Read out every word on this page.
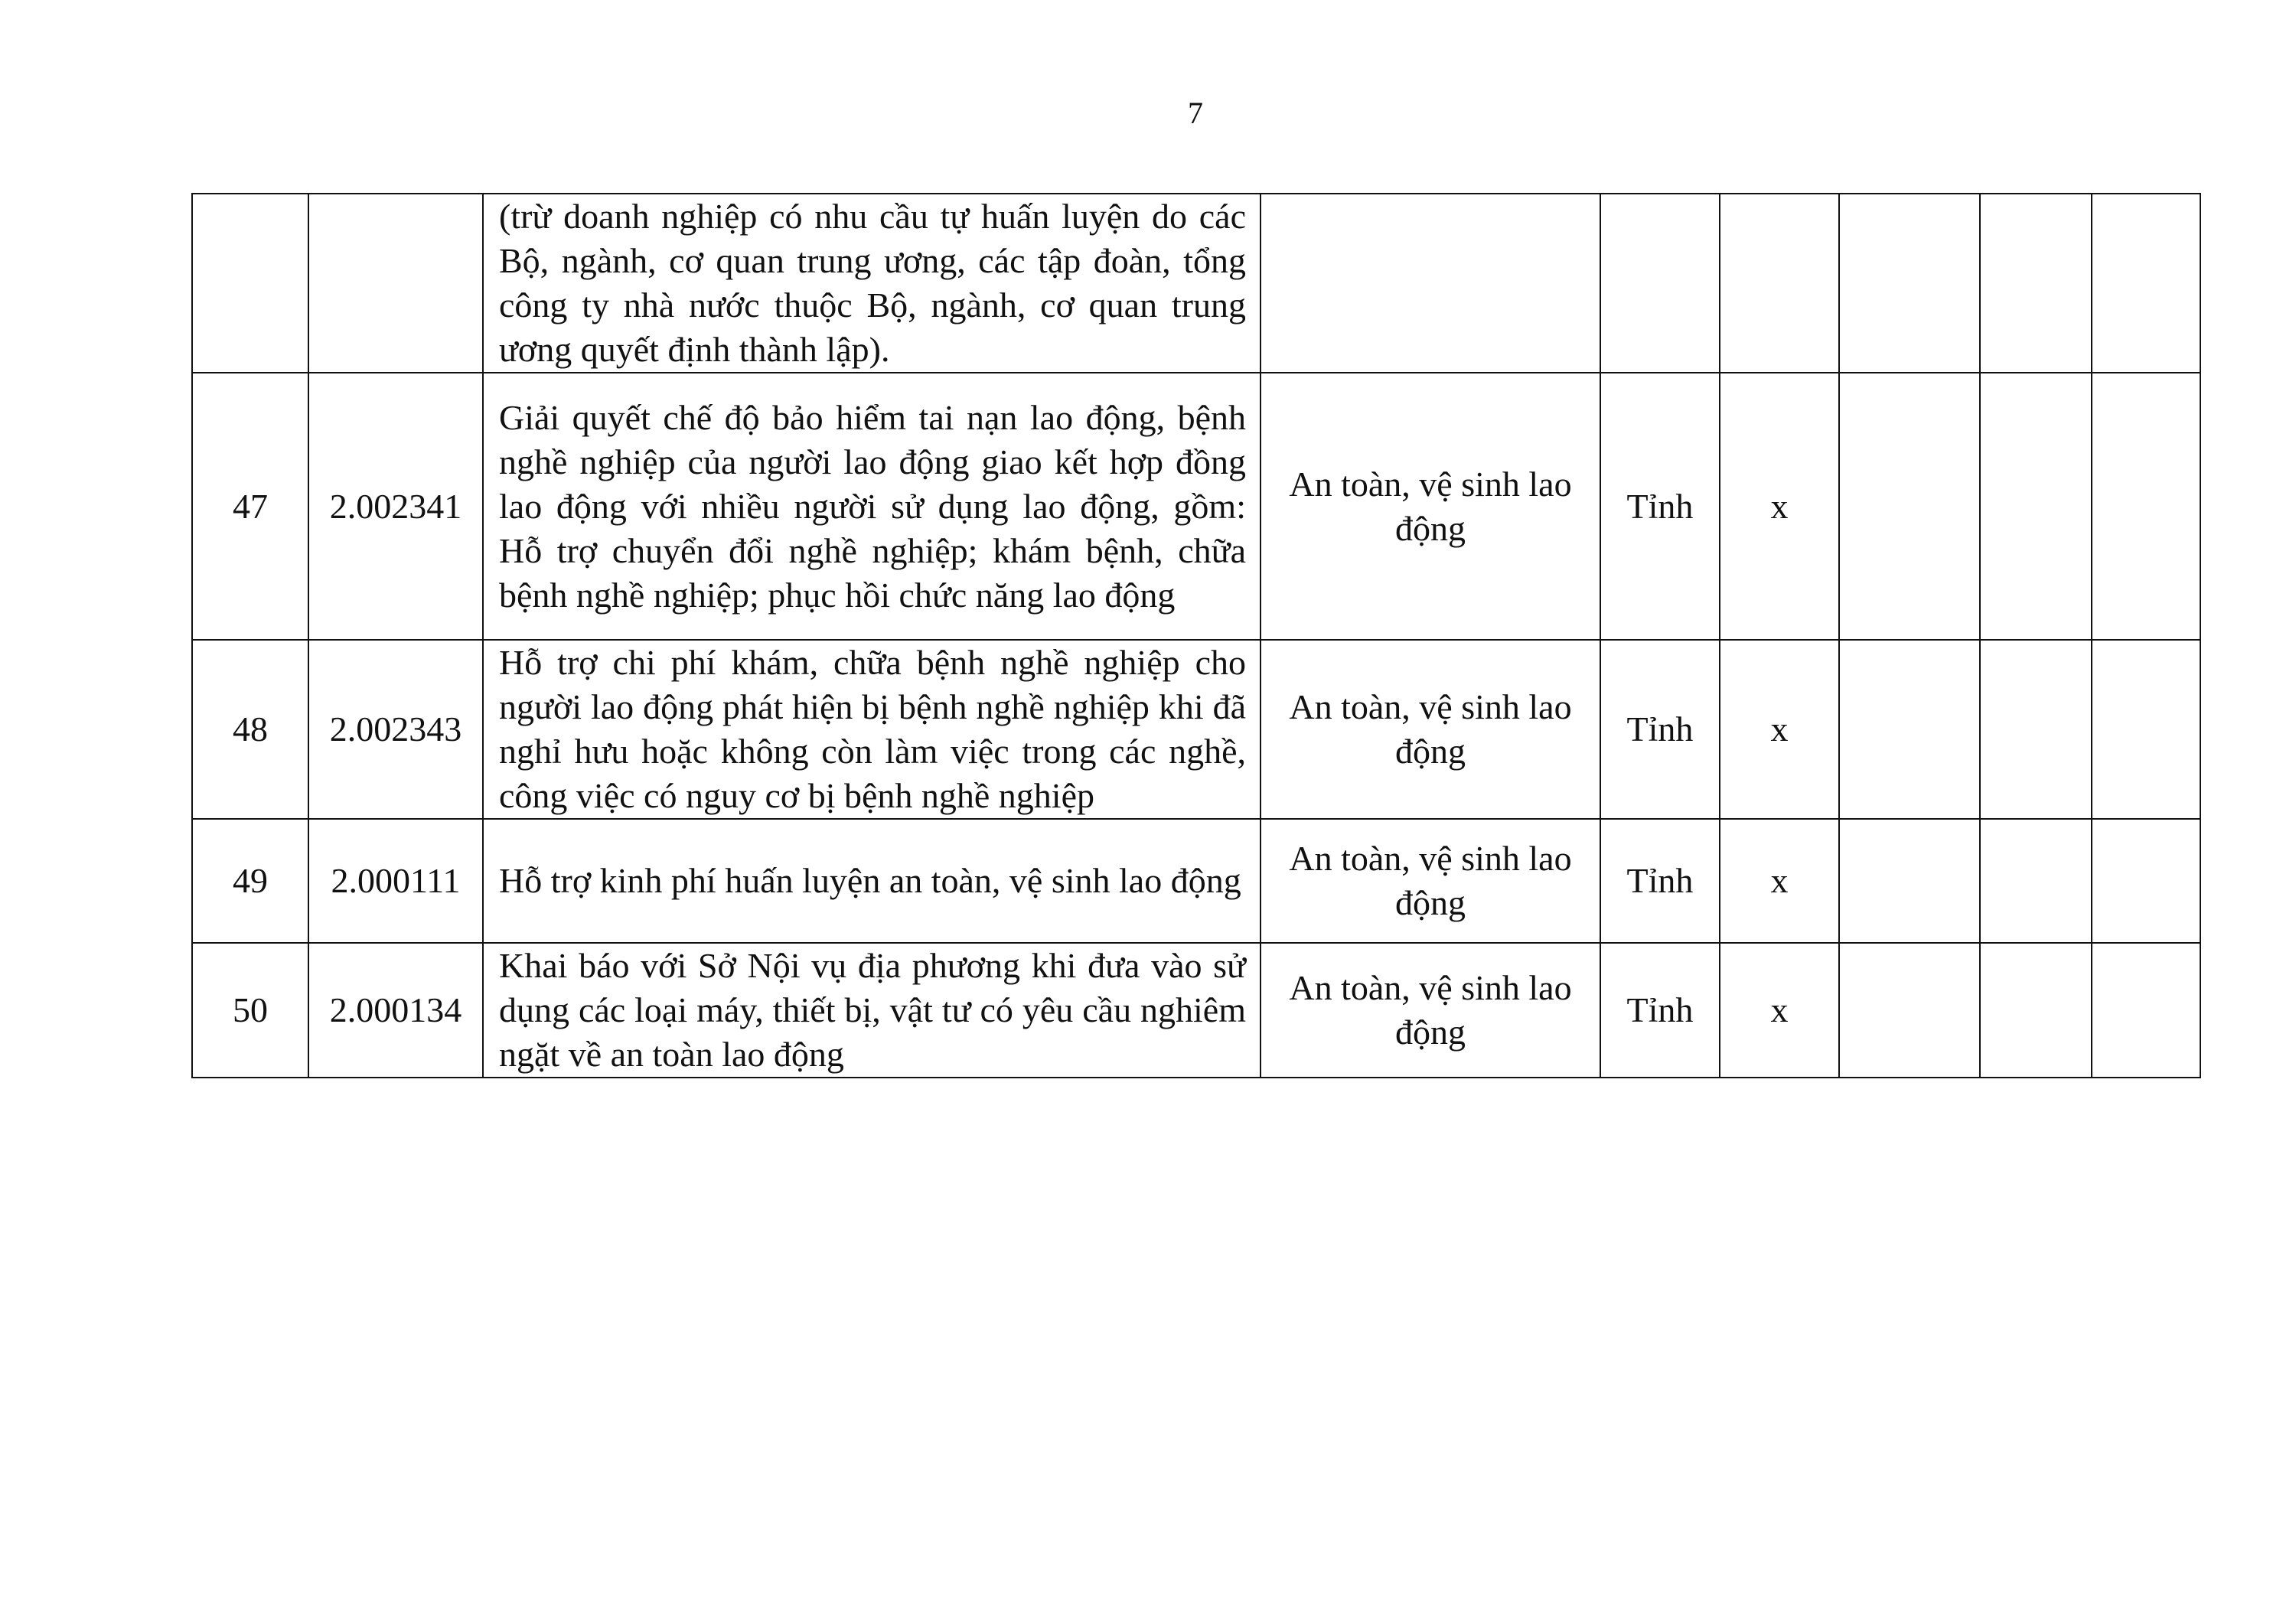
7
		(trừ doanh nghiệp có nhu cầu tự huấn luyện do các Bộ, ngành, cơ quan trung ương, các tập đoàn, tổng công ty nhà nước thuộc Bộ, ngành, cơ quan trung ương quyết định thành lập).						
47	2.002341	Giải quyết chế độ bảo hiểm tai nạn lao động, bệnh nghề nghiệp của người lao động giao kết hợp đồng lao động với nhiều người sử dụng lao động, gồm: Hỗ trợ chuyển đổi nghề nghiệp; khám bệnh, chữa bệnh nghề nghiệp; phục hồi chức năng lao động	An toàn, vệ sinh lao động	Tỉnh	x			
48	2.002343	Hỗ trợ chi phí khám, chữa bệnh nghề nghiệp cho người lao động phát hiện bị bệnh nghề nghiệp khi đã nghỉ hưu hoặc không còn làm việc trong các nghề, công việc có nguy cơ bị bệnh nghề nghiệp	An toàn, vệ sinh lao động	Tỉnh	x			
49	2.000111	Hỗ trợ kinh phí huấn luyện an toàn, vệ sinh lao động	An toàn, vệ sinh lao động	Tỉnh	x			
50	2.000134	Khai báo với Sở Nội vụ địa phương khi đưa vào sử dụng các loại máy, thiết bị, vật tư có yêu cầu nghiêm ngặt về an toàn lao động	An toàn, vệ sinh lao động	Tỉnh	x			
